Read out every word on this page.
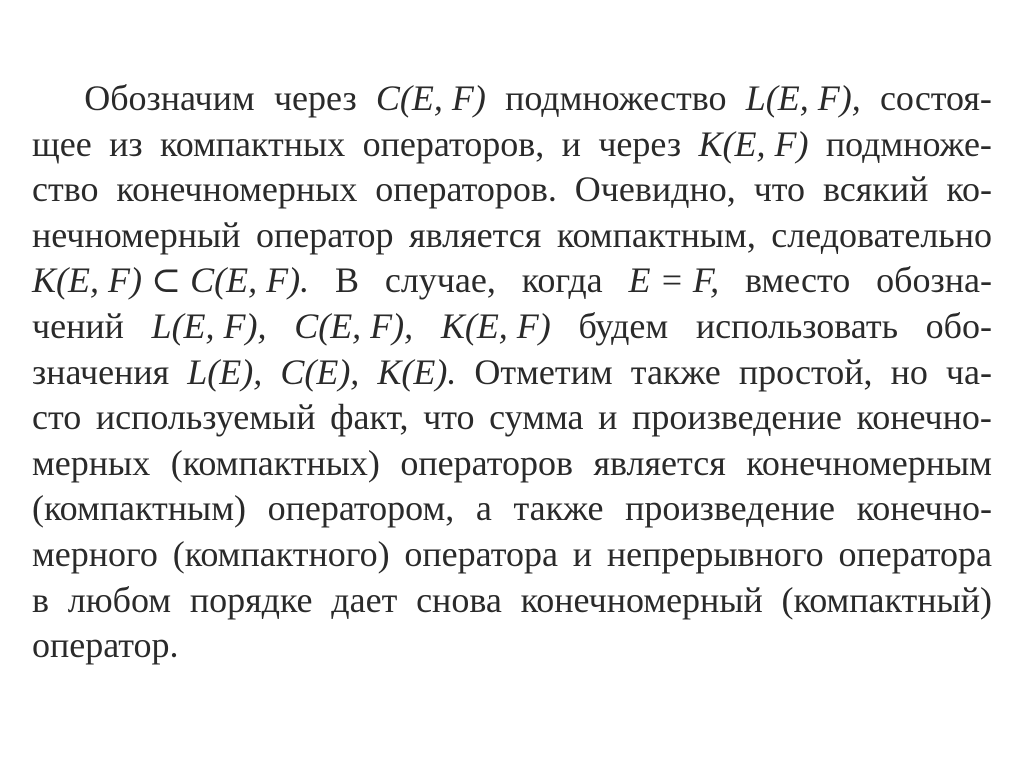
Обозначим через C(E, F) подмножество L(E, F), состоя-
щее из компактных операторов, и через K(E, F) подмноже-
ство конечномерных операторов. Очевидно, что всякий ко-
нечномерный оператор является компактным, следовательно
K(E, F) ⊂ C(E, F). В случае, когда E = F, вместо обозна-
чений L(E, F), C(E, F), K(E, F) будем использовать обо-
значения L(E), C(E), K(E). Отметим также простой, но ча-
сто используемый факт, что сумма и произведение конечно-
мерных (компактных) операторов является конечномерным
(компактным) оператором, а также произведение конечно-
мерного (компактного) оператора и непрерывного оператора
в любом порядке дает снова конечномерный (компактный)
оператор.
